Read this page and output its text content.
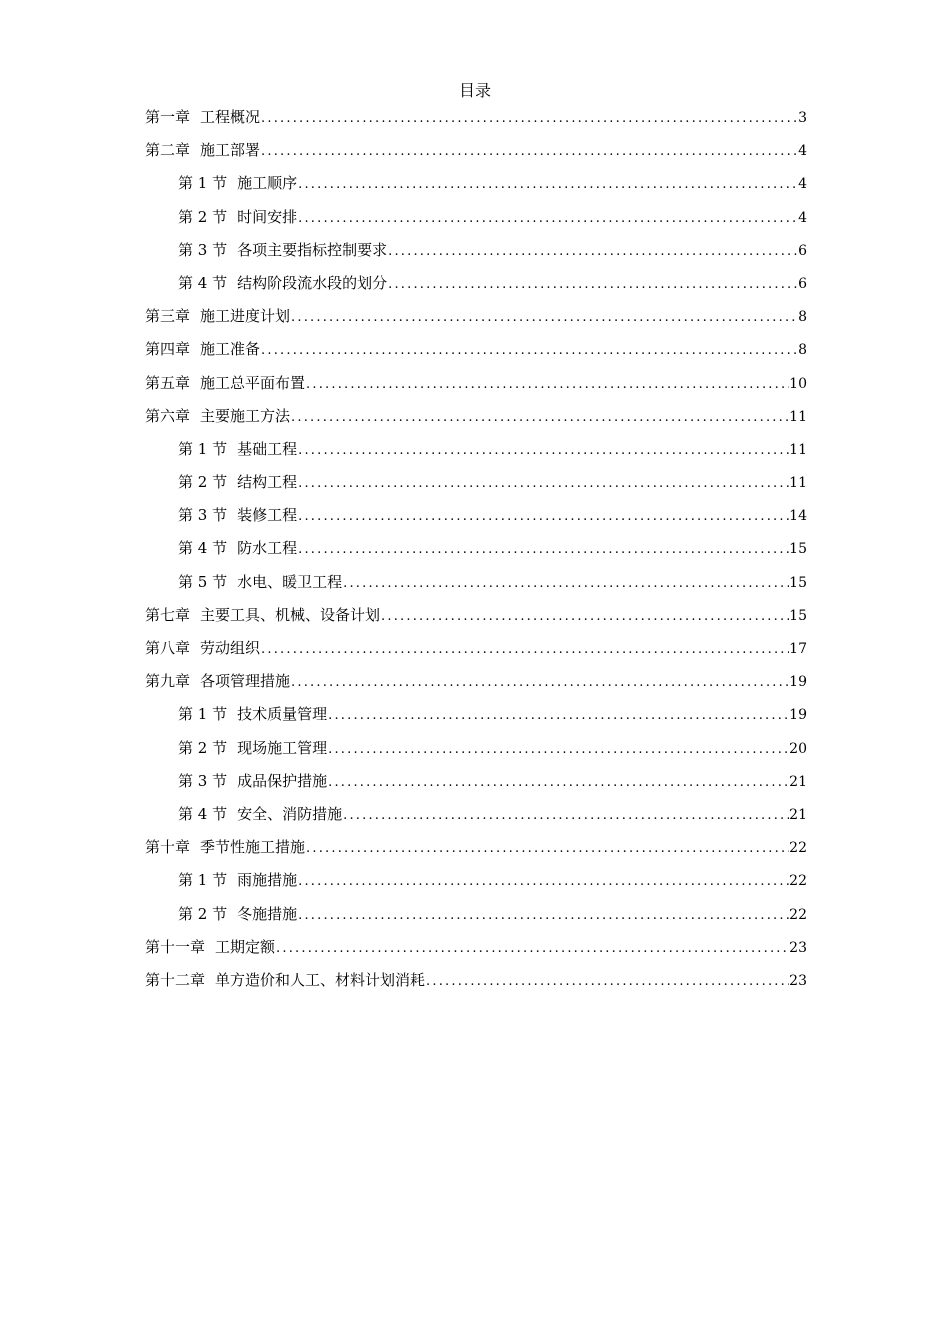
目录
第一章 工程概况 .....	3
第二章 施工部署 .....	4
第 1 节 施工顺序 .....	4
第 2 节 时间安排 .....	4
第 3 节 各项主要指标控制要求 .....	6
第 4 节 结构阶段流水段的划分 .....	6
第三章 施工进度计划 .....	8
第四章 施工准备 .....	8
第五章 施工总平面布置 .....	10
第六章 主要施工方法 .....	11
第 1 节 基础工程 .....	11
第 2 节 结构工程 .....	11
第 3 节 装修工程 .....	14
第 4 节 防水工程 .....	15
第 5 节 水电、暖卫工程 .....	15
第七章 主要工具、机械、设备计划 .....	15
第八章 劳动组织 .....	17
第九章 各项管理措施 .....	19
第 1 节 技术质量管理 .....	19
第 2 节 现场施工管理 .....	20
第 3 节 成品保护措施 .....	21
第 4 节 安全、消防措施 .....	21
第十章 季节性施工措施 .....	22
第 1 节 雨施措施 .....	22
第 2 节 冬施措施 .....	22
第十一章 工期定额 .....	23
第十二章 单方造价和人工、材料计划消耗 .....	23
